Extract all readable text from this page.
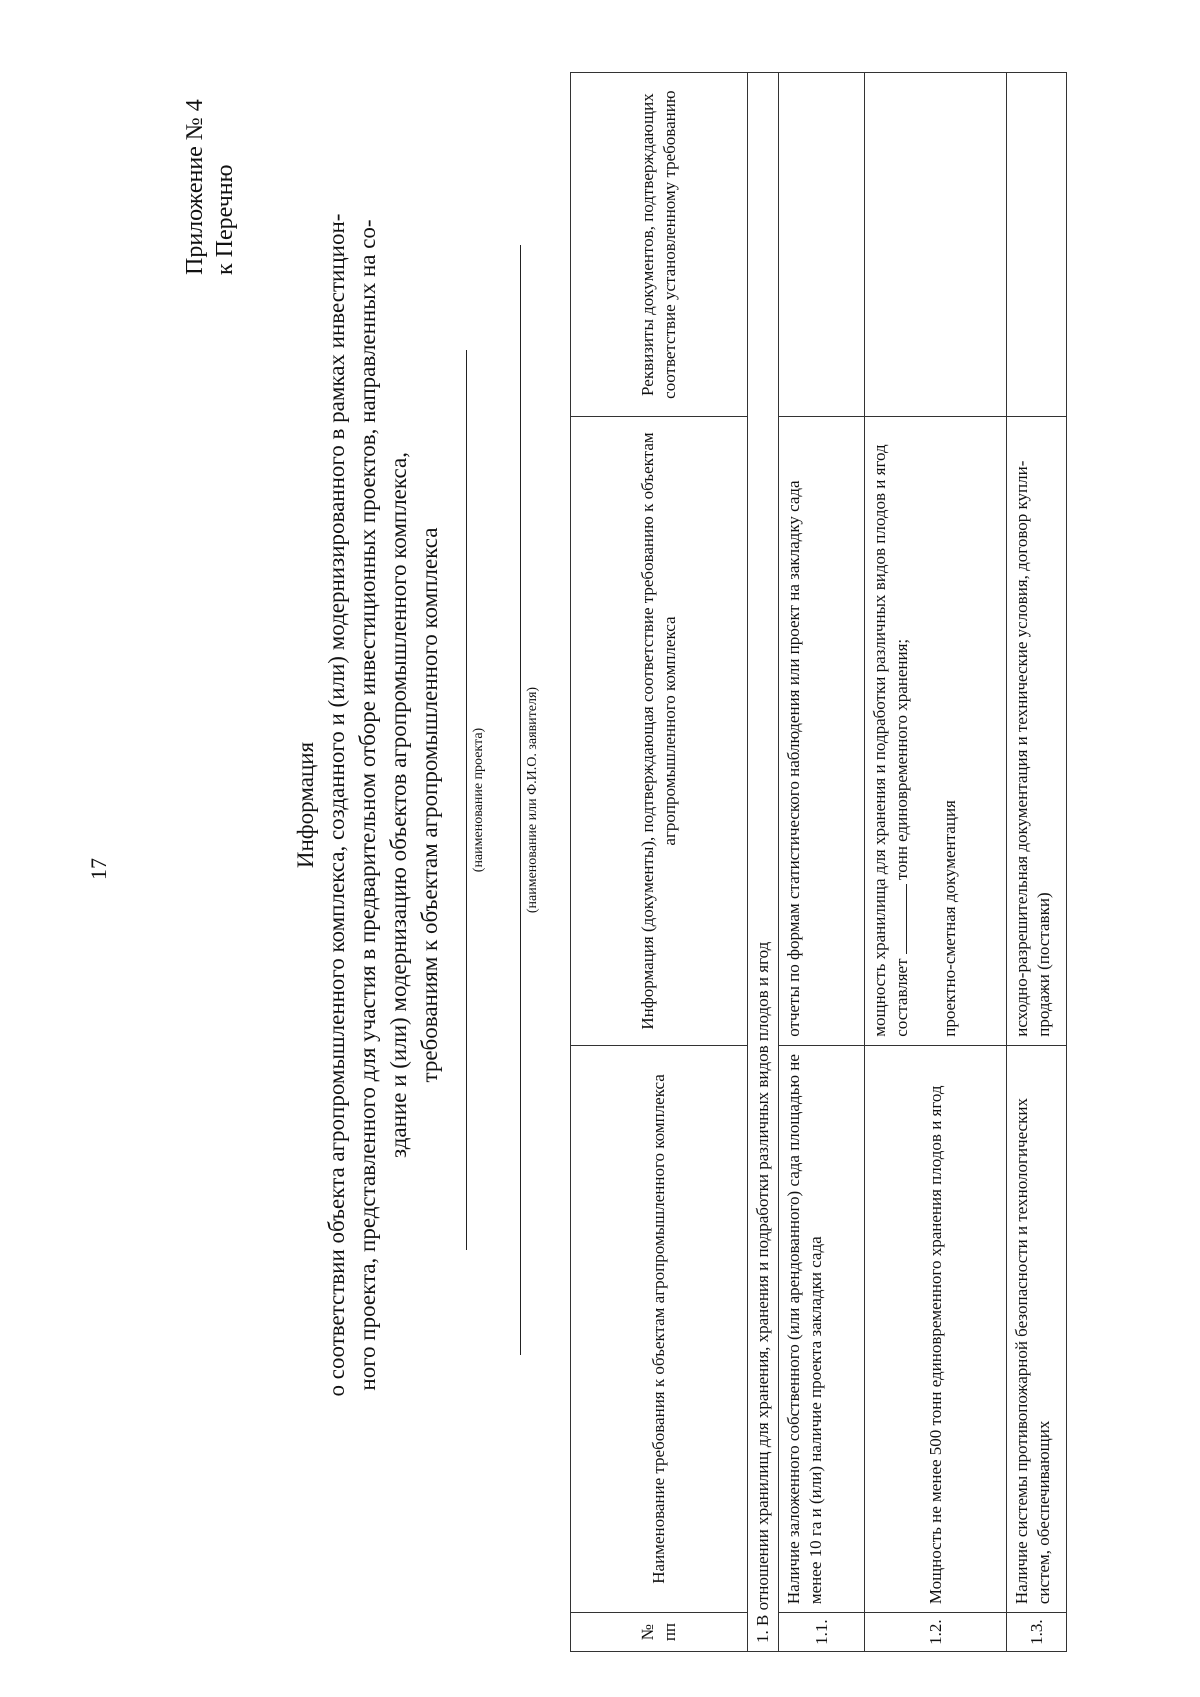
17
Приложение № 4 к Перечню
Информация о соответствии объекта агропромышленного комплекса, созданного и (или) модернизированного в рамках инвестицион- ного проекта, представленного для участия в предварительном отборе инвестиционных проектов, направленных на со- здание и (или) модернизацию объектов агропромышленного комплекса, требованиям к объектам агропромышленного комплекса (наименование проекта)	(наименование или Ф.И.О. заявителя)
№ пп	Наименование требования к объектам агропромышленного комплекса	Информация (документы), подтверждающая соответствие требованию к объектам агропромышленного комплекса	Реквизиты документов, подтверждающих соответствие установленному требованию
1. В отношении хранилищ для хранения, хранения и подработки различных видов плодов и ягод			
1.1.	Наличие заложенного собственного (или арендованного) сада площадью не менее 10 га и (или) наличие проекта закладки сада	отчеты по формам статистического наблюдения или проект на закладку сада	
1.2.	Мощность не менее 500 тонн единовременного хранения плодов и ягод	мощность хранилища для хранения и подработки различных видов плодов и ягод составляет  тонн единовременного хранения;
проектно-сметная документация	

1.3.	Наличие системы противопожарной безопасности и технологических систем, обеспечивающих	исходно-разрешительная документация и технические условия, договор купли-продажи (поставки)	
